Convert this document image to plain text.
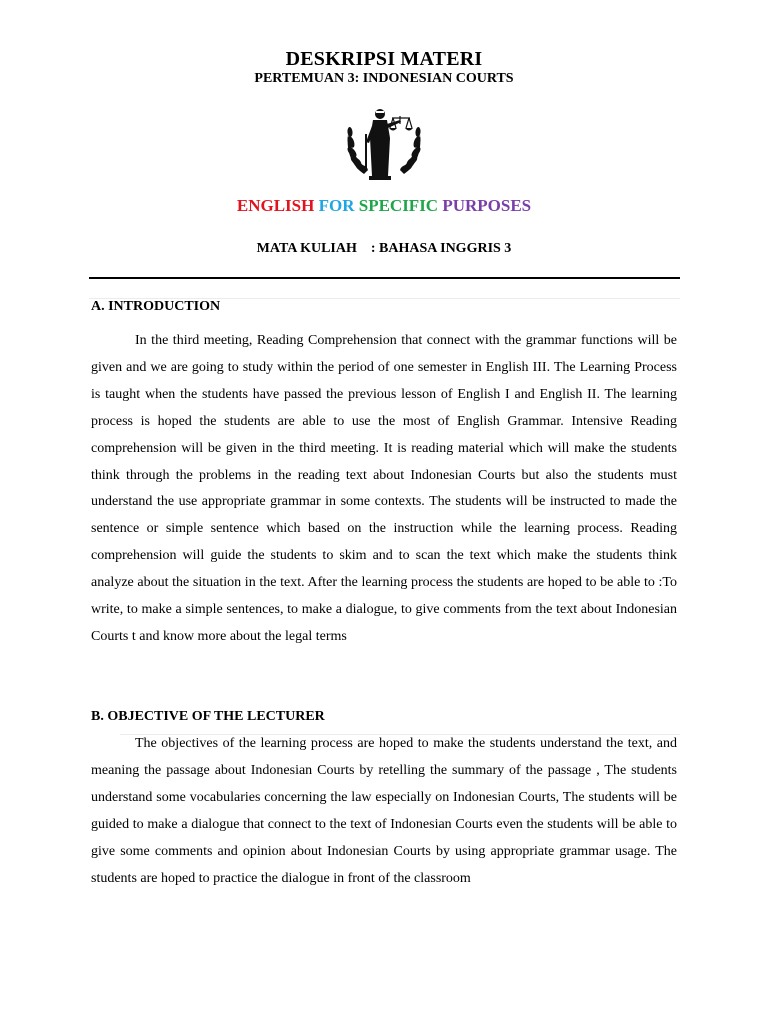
DESKRIPSI MATERI
PERTEMUAN 3: INDONESIAN COURTS
ENGLISH FOR SPECIFIC PURPOSES
MATA KULIAH : BAHASA INGGRIS 3
A. INTRODUCTION
In the third meeting, Reading Comprehension that connect with the grammar functions will be given and we are going to study within the period of one semester in English III. The Learning Process is taught when the students have passed the previous lesson of English I and English II. The learning process is hoped the students are able to use the most of English Grammar. Intensive Reading comprehension will be given in the third meeting. It is reading material which will make the students think through the problems in the reading text about Indonesian Courts but also the students must understand the use appropriate grammar in some contexts. The students will be instructed to made the sentence or simple sentence which based on the instruction while the learning process. Reading comprehension will guide the students to skim and to scan the text which make the students think analyze about the situation in the text. After the learning process the students are hoped to be able to :To write, to make a simple sentences, to make a dialogue, to give comments from the text about Indonesian Courts t and know more about the legal terms
B. OBJECTIVE OF THE LECTURER
The objectives of the learning process are hoped to make the students understand the text, and meaning the passage about Indonesian Courts by retelling the summary of the passage , The students understand some vocabularies concerning the law especially on Indonesian Courts, The students will be guided to make a dialogue that connect to the text of Indonesian Courts even the students will be able to give some comments and opinion about Indonesian Courts by using appropriate grammar usage. The students are hoped to practice the dialogue in front of the classroom
